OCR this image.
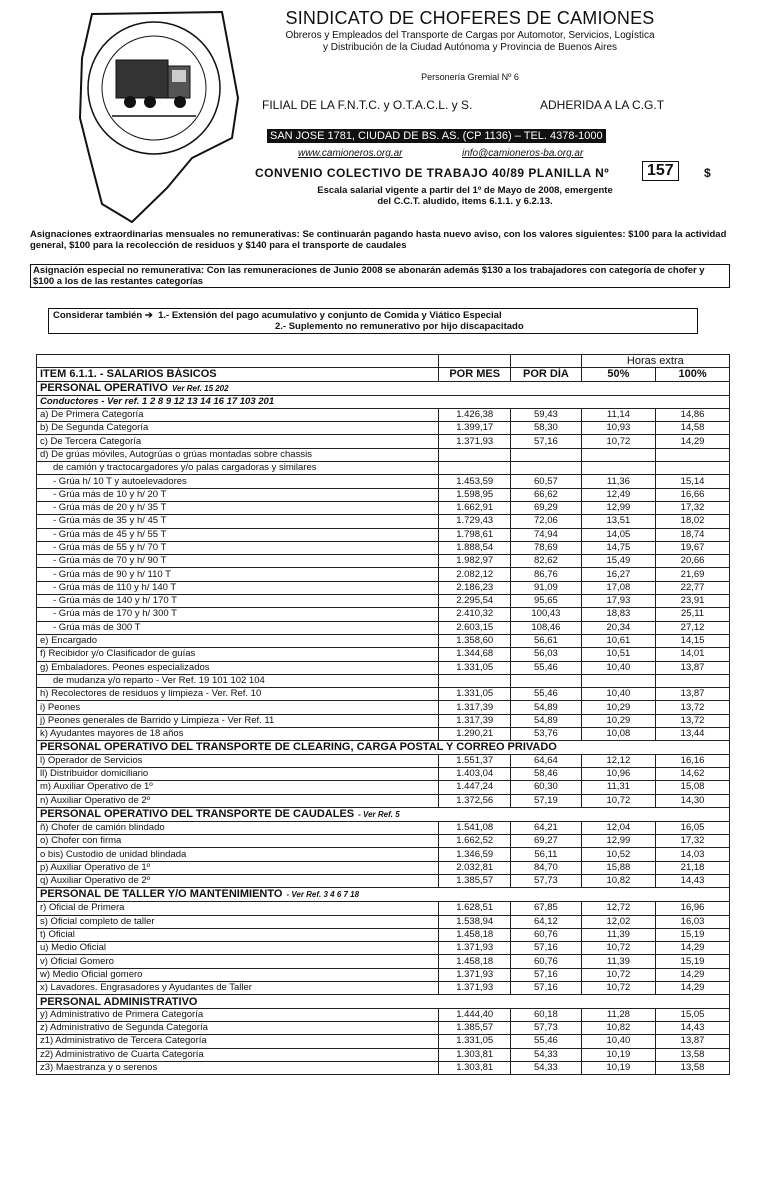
SINDICATO DE CHOFERES DE CAMIONES
Obreros y Empleados del Transporte de Cargas por Automotor, Servicios, Logística
y Distribución de la Ciudad Autónoma y Provincia de Buenos Aires
Personería Gremial Nº 6
FILIAL DE LA F.N.T.C. y O.T.A.C.L. y S.	ADHERIDA A LA C.G.T
SAN JOSE 1781, CIUDAD DE BS. AS. (CP 1136) – TEL. 4378-1000
www.camioneros.org.ar	info@camioneros-ba.org.ar
CONVENIO COLECTIVO DE TRABAJO 40/89 PLANILLA Nº	157	$
Escala salarial vigente a partir del 1º de Mayo de 2008, emergente
del C.C.T. aludido, items 6.1.1. y 6.2.13.
Asignaciones extraordinarias mensuales no remunerativas: Se continuarán pagando hasta nuevo aviso, con los valores siguientes: $100 para la actividad general, $100 para la recolección de residuos y $140 para el transporte de caudales
Asignación especial no remunerativa: Con las remuneraciones de Junio 2008 se abonarán además $130 a los trabajadores con categoría de chofer y $100 a los de las restantes categorías
Considerar también ➔ 1.- Extensión del pago acumulativo y conjunto de Comida y Viático Especial
2.- Suplemento no remunerativo por hijo discapacitado
			Horas extra	
ITEM 6.1.1. - SALARIOS BÁSICOS	POR MES	POR DÍA	50%	100%
PERSONAL OPERATIVO Ver Ref. 15 202				
Conductores - Ver ref. 1 2 8 9 12 13 14 16 17 103 201				
a) De Primera Categoría	1.426,38	59,43	11,14	14,86
b) De Segunda Categoría	1.399,17	58,30	10,93	14,58
c) De Tercera Categoría	1.371,93	57,16	10,72	14,29
d) De grúas móviles, Autogrúas o grúas montadas sobre chassis				
de camión y tractocargadores y/o palas cargadoras y similares				
- Grúa h/ 10 T y autoelevadores	1.453,59	60,57	11,36	15,14
- Grúa más de 10 y h/ 20 T	1.598,95	66,62	12,49	16,66
- Grúa más de 20 y h/ 35 T	1.662,91	69,29	12,99	17,32
- Grúa más de 35 y h/ 45 T	1.729,43	72,06	13,51	18,02
- Grúa más de 45 y h/ 55 T	1.798,61	74,94	14,05	18,74
- Grúa más de 55 y h/ 70 T	1.888,54	78,69	14,75	19,67
- Grúa más de 70 y h/ 90 T	1.982,97	82,62	15,49	20,66
- Grúa más de 90 y h/ 110 T	2.082,12	86,76	16,27	21,69
- Grúa más de 110 y h/ 140 T	2.186,23	91,09	17,08	22,77
- Grúa más de 140 y h/ 170 T	2.295,54	95,65	17,93	23,91
- Grúa más de 170 y h/ 300 T	2.410,32	100,43	18,83	25,11
- Grúa más de 300 T	2.603,15	108,46	20,34	27,12
e) Encargado	1.358,60	56,61	10,61	14,15
f) Recibidor y/o Clasificador de guías	1.344,68	56,03	10,51	14,01
g) Embaladores. Peones especializados	1.331,05	55,46	10,40	13,87
de mudanza y/o reparto - Ver Ref. 19 101 102 104				
h) Recolectores de residuos y limpieza - Ver. Ref. 10	1.331,05	55,46	10,40	13,87
i) Peones	1.317,39	54,89	10,29	13,72
j) Peones generales de Barrido y Limpieza - Ver Ref. 11	1.317,39	54,89	10,29	13,72
k) Ayudantes mayores de 18 años	1.290,21	53,76	10,08	13,44
PERSONAL OPERATIVO DEL TRANSPORTE DE CLEARING, CARGA POSTAL Y CORREO PRIVADO				
l) Operador de Servicios	1.551,37	64,64	12,12	16,16
ll) Distribuidor domiciliario	1.403,04	58,46	10,96	14,62
m) Auxiliar Operativo de 1º	1.447,24	60,30	11,31	15,08
n) Auxiliar Operativo de 2º	1.372,56	57,19	10,72	14,30
PERSONAL OPERATIVO DEL TRANSPORTE DE CAUDALES - Ver Ref. 5				
ñ) Chofer de camión blindado	1.541,08	64,21	12,04	16,05
o) Chofer con firma	1.662,52	69,27	12,99	17,32
o bis) Custodio de unidad blindada	1.346,59	56,11	10,52	14,03
p) Auxiliar Operativo de 1º	2.032,81	84,70	15,88	21,18
q) Auxiliar Operativo de 2º	1.385,57	57,73	10,82	14,43
PERSONAL DE TALLER Y/O MANTENIMIENTO - Ver Ref. 3 4 6 7 18				
r) Oficial de Primera	1.628,51	67,85	12,72	16,96
s) Oficial completo de taller	1.538,94	64,12	12,02	16,03
t) Oficial	1.458,18	60,76	11,39	15,19
u) Medio Oficial	1.371,93	57,16	10,72	14,29
v) Oficial Gomero	1.458,18	60,76	11,39	15,19
w) Medio Oficial gomero	1.371,93	57,16	10,72	14,29
x) Lavadores. Engrasadores y Ayudantes de Taller	1.371,93	57,16	10,72	14,29
PERSONAL ADMINISTRATIVO				
y) Administrativo de Primera Categoría	1.444,40	60,18	11,28	15,05
z) Administrativo de Segunda Categoría	1.385,57	57,73	10,82	14,43
z1) Administrativo de Tercera Categoría	1.331,05	55,46	10,40	13,87
z2) Administrativo de Cuarta Categoría	1.303,81	54,33	10,19	13,58
z3) Maestranza y o serenos	1.303,81	54,33	10,19	13,58
